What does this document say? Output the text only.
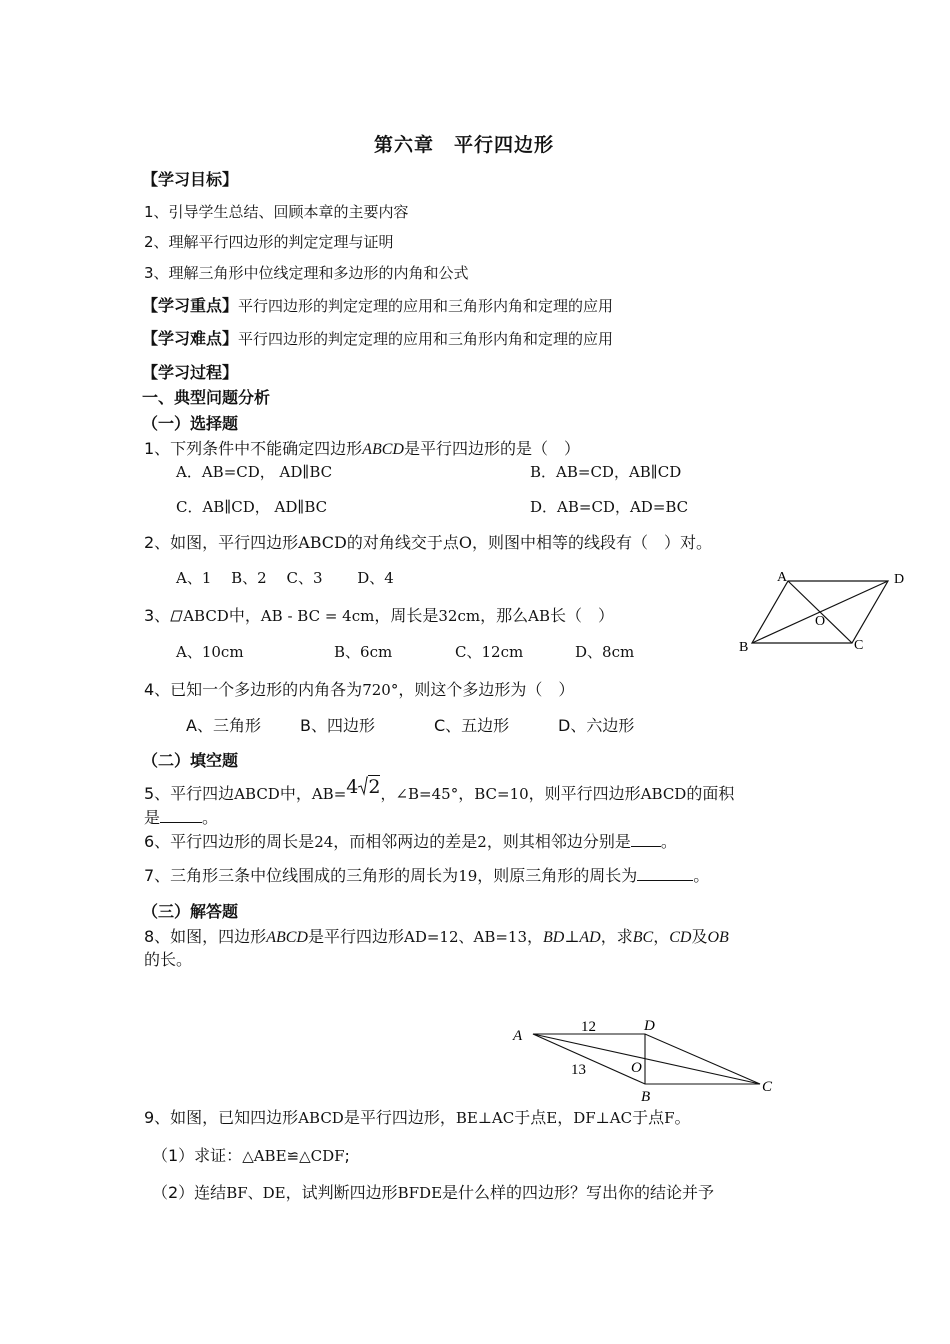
第六章　平行四边形
【学习目标】
1、引导学生总结、回顾本章的主要内容
2、理解平行四边形的判定定理与证明
3、理解三角形中位线定理和多边形的内角和公式
【学习重点】平行四边形的判定定理的应用和三角形内角和定理的应用
【学习难点】平行四边形的判定定理的应用和三角形内角和定理的应用
【学习过程】
一、典型问题分析
（一）选择题
1、下列条件中不能确定四边形ABCD是平行四边形的是（　）
A．AB=CD， AD∥BC	B．AB=CD，AB∥CD
C．AB∥CD， AD∥BC	D．AB=CD，AD=BC
2、如图，平行四边形ABCD的对角线交于点O，则图中相等的线段有（　）对。
A、1　 B、2　 C、3　　 D、4	A	D
B	C
O
3、 ABCD中，AB - BC = 4cm，周长是32cm，那么AB长（　）
A、10cm	B、6cm	C、12cm	D、8cm
4、已知一个多边形的内角各为720°，则这个多边形为（　）
A、三角形 B、四边形	C、五边形	D、六边形
（二）填空题
5、平行四边ABCD中，AB=4 2，∠B=45°，BC=10，则平行四边形ABCD的面积
是	。
6、平行四边形的周长是24，而相邻两边的差是2，则其相邻边分别是 。
7、三角形三条中位线围成的三角形的周长为19，则原三角形的周长为	。
（三）解答题
8、如图，四边形ABCD是平行四边形AD=12、AB=13，BD⊥AD，求BC，CD及OB
的长。
A
D
C
B
O
12
13
9、如图，已知四边形ABCD是平行四边形，BE⊥AC于点E，DF⊥AC于点F。
（1）求证：△ABE≌△CDF;
（2）连结BF、DE，试判断四边形BFDE是什么样的四边形？写出你的结论并予
